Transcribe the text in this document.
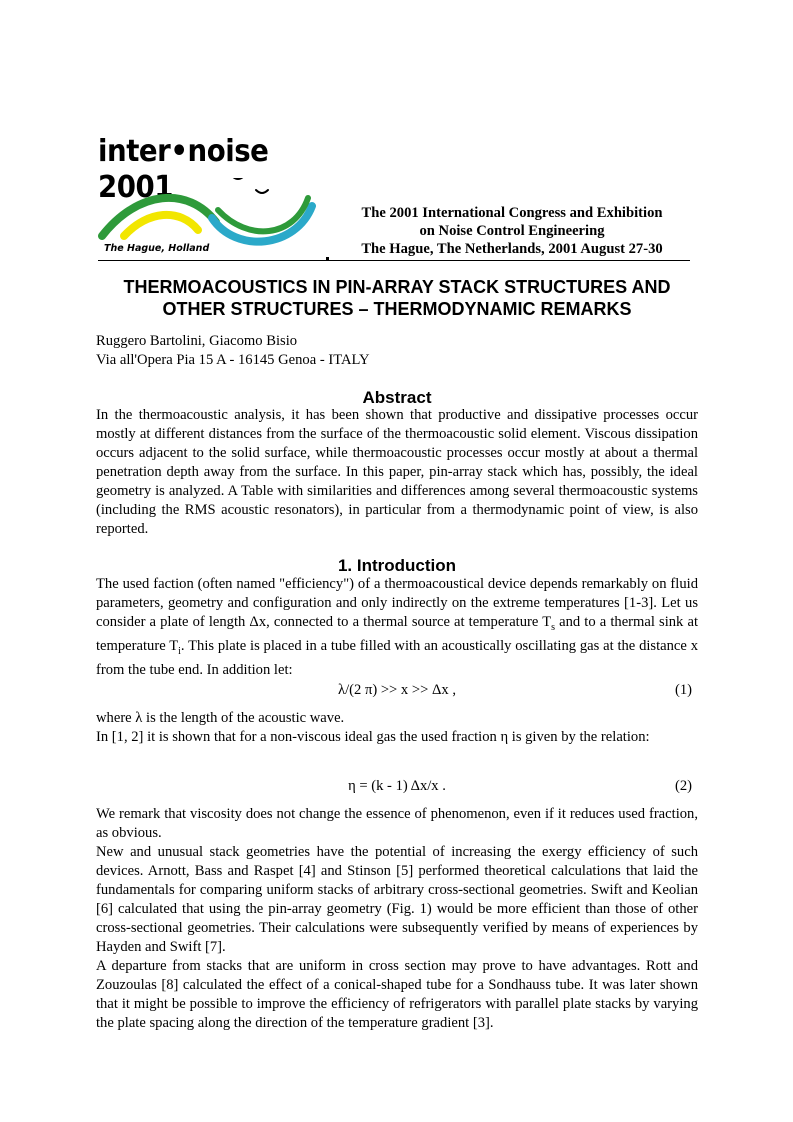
inter•noise 2001
The Hague, Holland
The 2001 International Congress and Exhibition
on Noise Control Engineering
The Hague, The Netherlands, 2001 August 27-30
THERMOACOUSTICS IN PIN-ARRAY STACK STRUCTURES AND
OTHER STRUCTURES – THERMODYNAMIC REMARKS
Ruggero Bartolini, Giacomo Bisio
Via all'Opera Pia 15 A - 16145 Genoa - ITALY
Abstract

In the thermoacoustic analysis, it has been shown that productive and dissipative processes occur mostly at different distances from the surface of the thermoacoustic solid element. Viscous dissipation occurs adjacent to the solid surface, while thermoacoustic processes occur mostly at about a thermal penetration depth away from the surface. In this paper, pin-array stack which has, possibly, the ideal geometry is analyzed. A Table with similarities and differences among several thermoacoustic systems (including the RMS acoustic resonators), in particular from a thermodynamic point of view, is also reported.

1. Introduction

The used faction (often named "efficiency") of a thermoacoustical device depends remarkably on fluid parameters, geometry and configuration and only indirectly on the extreme temperatures [1-3]. Let us consider a plate of length Δx, connected to a thermal source at temperature $T_s$ and to a thermal sink at temperature $T_i$. This plate is placed in a tube filled with an acoustically oscillating gas at the distance x from the tube end. In addition let:

λ/(2 π) >> x >> Δx ,	(1)

where λ is the length of the acoustic wave.

In [1, 2] it is shown that for a non-viscous ideal gas the used fraction η is given by the relation:

η = (k - 1) Δx/x .	(2)

We remark that viscosity does not change the essence of phenomenon, even if it reduces used fraction, as obvious.

New and unusual stack geometries have the potential of increasing the exergy efficiency of such devices. Arnott, Bass and Raspet [4] and Stinson [5] performed theoretical calculations that laid the fundamentals for comparing uniform stacks of arbitrary cross-sectional geometries. Swift and Keolian [6] calculated that using the pin-array geometry (Fig. 1) would be more efficient than those of other cross-sectional geometries. Their calculations were subsequently verified by means of experiences by Hayden and Swift [7].

A departure from stacks that are uniform in cross section may prove to have advantages. Rott and Zouzoulas [8] calculated the effect of a conical-shaped tube for a Sondhauss tube. It was later shown that it might be possible to improve the efficiency of refrigerators with parallel plate stacks by varying the plate spacing along the direction of the temperature gradient [3].
